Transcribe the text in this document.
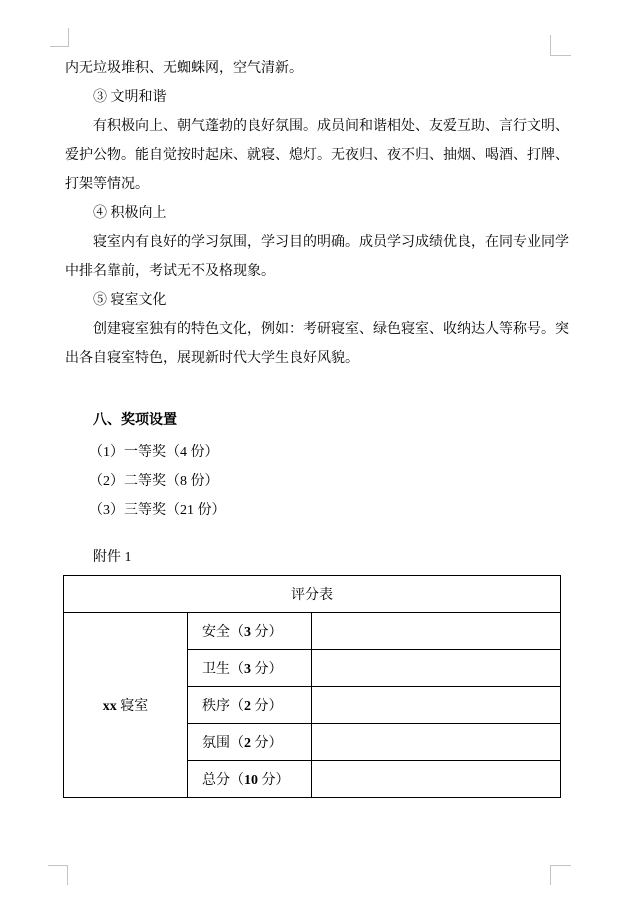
内无垃圾堆积、无蜘蛛网，空气清新。

③ 文明和谐

有积极向上、朝气蓬勃的良好氛围。成员间和谐相处、友爱互助、言行文明、爱护公物。能自觉按时起床、就寝、熄灯。无夜归、夜不归、抽烟、喝酒、打牌、打架等情况。

④ 积极向上

寝室内有良好的学习氛围，学习目的明确。成员学习成绩优良，在同专业同学中排名靠前，考试无不及格现象。

⑤ 寝室文化

创建寝室独有的特色文化，例如：考研寝室、绿色寝室、收纳达人等称号。突出各自寝室特色，展现新时代大学生良好风貌。

八、奖项设置

（1）一等奖（4 份）

（2）二等奖（8 份）

（3）三等奖（21 份）

附件 1

评分表		
xx 寝室	安全（3 分）	
	卫生（3 分）	
	秩序（2 分）	
	氛围（2 分）	
	总分（10 分）	
